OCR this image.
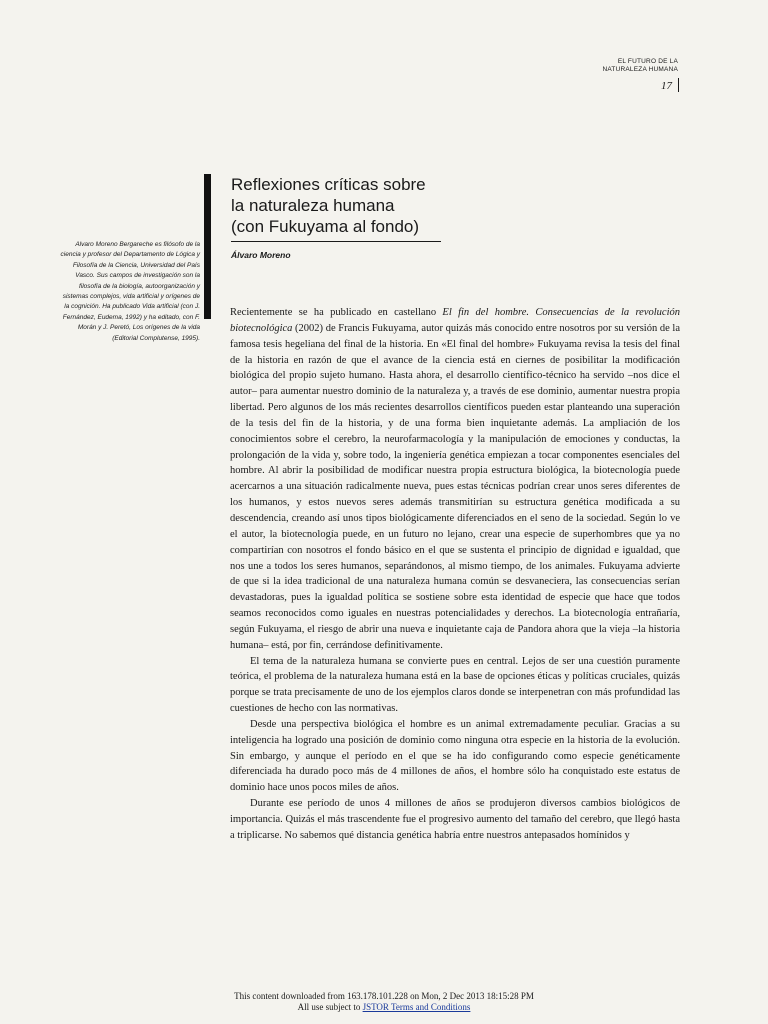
EL FUTURO DE LA
NATURALEZA HUMANA
17
Reflexiones críticas sobre
la naturaleza humana
(con Fukuyama al fondo)
Álvaro Moreno
Alvaro Moreno Bergareche es filósofo de la ciencia y profesor del Departamento de Lógica y Filosofía de la Ciencia, Universidad del País Vasco. Sus campos de investigación son la filosofía de la biología, autoorganización y sistemas complejos, vida artificial y orígenes de la cognición. Ha publicado Vida artificial (con J. Fernández, Eudema, 1992) y ha editado, con F. Morán y J. Peretó, Los orígenes de la vida (Editorial Complutense, 1995).

Recientemente se ha publicado en castellano El fin del hombre. Consecuencias de la revolución biotecnológica (2002) de Francis Fukuyama, autor quizás más conocido entre nosotros por su versión de la famosa tesis hegeliana del final de la historia. En «El final del hombre» Fukuyama revisa la tesis del final de la historia en razón de que el avance de la ciencia está en ciernes de posibilitar la modificación biológica del propio sujeto humano. Hasta ahora, el desarrollo científico-técnico ha servido –nos dice el autor– para aumentar nuestro dominio de la naturaleza y, a través de ese dominio, aumentar nuestra propia libertad. Pero algunos de los más recientes desarrollos científicos pueden estar planteando una superación de la tesis del fin de la historia, y de una forma bien inquietante además. La ampliación de los conocimientos sobre el cerebro, la neurofarmacología y la manipulación de emociones y conductas, la prolongación de la vida y, sobre todo, la ingeniería genética empiezan a tocar componentes esenciales del hombre. Al abrir la posibilidad de modificar nuestra propia estructura biológica, la biotecnología puede acercarnos a una situación radicalmente nueva, pues estas técnicas podrían crear unos seres diferentes de los humanos, y estos nuevos seres además transmitirían su estructura genética modificada a su descendencia, creando así unos tipos biológicamente diferenciados en el seno de la sociedad. Según lo ve el autor, la biotecnología puede, en un futuro no lejano, crear una especie de superhombres que ya no compartirían con nosotros el fondo básico en el que se sustenta el principio de dignidad e igualdad, que nos une a todos los seres humanos, separándonos, al mismo tiempo, de los animales. Fukuyama advierte de que si la idea tradicional de una naturaleza humana común se desvaneciera, las consecuencias serían devastadoras, pues la igualdad política se sostiene sobre esta identidad de especie que hace que todos seamos reconocidos como iguales en nuestras potencialidades y derechos. La biotecnología entrañaría, según Fukuyama, el riesgo de abrir una nueva e inquietante caja de Pandora ahora que la vieja –la historia humana– está, por fin, cerrándose definitivamente.

El tema de la naturaleza humana se convierte pues en central. Lejos de ser una cuestión puramente teórica, el problema de la naturaleza humana está en la base de opciones éticas y políticas cruciales, quizás porque se trata precisamente de uno de los ejemplos claros donde se interpenetran con más profundidad las cuestiones de hecho con las normativas.

Desde una perspectiva biológica el hombre es un animal extremadamente peculiar. Gracias a su inteligencia ha logrado una posición de dominio como ninguna otra especie en la historia de la evolución. Sin embargo, y aunque el período en el que se ha ido configurando como especie genéticamente diferenciada ha durado poco más de 4 millones de años, el hombre sólo ha conquistado este estatus de dominio hace unos pocos miles de años.

Durante ese período de unos 4 millones de años se produjeron diversos cambios biológicos de importancia. Quizás el más trascendente fue el progresivo aumento del tamaño del cerebro, que llegó hasta a triplicarse. No sabemos qué distancia genética habría entre nuestros antepasados homínidos y

This content downloaded from 163.178.101.228 on Mon, 2 Dec 2013 18:15:28 PM
All use subject to JSTOR Terms and Conditions
